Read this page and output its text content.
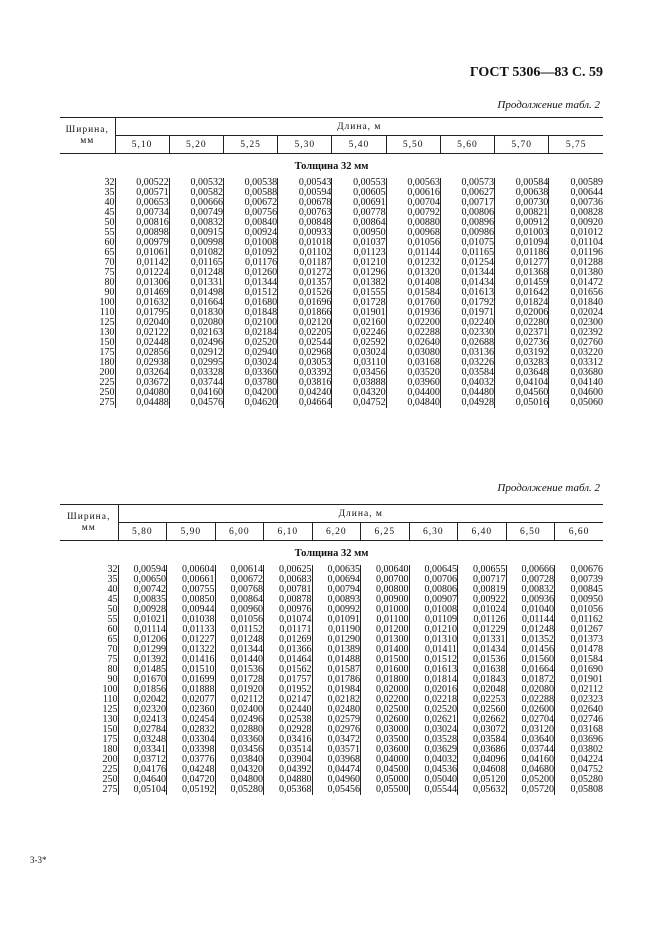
ГОСТ 5306—83 С. 59
Продолжение табл. 2
Ширина, мм	Длина, м								
	5,10	5,20	5,25	5,30	5,40	5,50	5,60	5,70	5,75
Толщина 32 мм									
32	0,00522	0,00532	0,00538	0,00543	0,00553	0,00563	0,00573	0,00584	0,00589
35	0,00571	0,00582	0,00588	0,00594	0,00605	0,00616	0,00627	0,00638	0,00644
40	0,00653	0,00666	0,00672	0,00678	0,00691	0,00704	0,00717	0,00730	0,00736
45	0,00734	0,00749	0,00756	0,00763	0,00778	0,00792	0,00806	0,00821	0,00828
50	0,00816	0,00832	0,00840	0,00848	0,00864	0,00880	0,00896	0,00912	0,00920
55	0,00898	0,00915	0,00924	0,00933	0,00950	0,00968	0,00986	0,01003	0,01012
60	0,00979	0,00998	0,01008	0,01018	0,01037	0,01056	0,01075	0,01094	0,01104
65	0,01061	0,01082	0,01092	0,01102	0,01123	0,01144	0,01165	0,01186	0,01196
70	0,01142	0,01165	0,01176	0,01187	0,01210	0,01232	0,01254	0,01277	0,01288
75	0,01224	0,01248	0,01260	0,01272	0,01296	0,01320	0,01344	0,01368	0,01380
80	0,01306	0,01331	0,01344	0,01357	0,01382	0,01408	0,01434	0,01459	0,01472
90	0,01469	0,01498	0,01512	0,01526	0,01555	0,01584	0,01613	0,01642	0,01656
100	0,01632	0,01664	0,01680	0,01696	0,01728	0,01760	0,01792	0,01824	0,01840
110	0,01795	0,01830	0,01848	0,01866	0,01901	0,01936	0,01971	0,02006	0,02024
125	0,02040	0,02080	0,02100	0,02120	0,02160	0,02200	0,02240	0,02280	0,02300
130	0,02122	0,02163	0,02184	0,02205	0,02246	0,02288	0,02330	0,02371	0,02392
150	0,02448	0,02496	0,02520	0,02544	0,02592	0,02640	0,02688	0,02736	0,02760
175	0,02856	0,02912	0,02940	0,02968	0,03024	0,03080	0,03136	0,03192	0,03220
180	0,02938	0,02995	0,03024	0,03053	0,03110	0,03168	0,03226	0,03283	0,03312
200	0,03264	0,03328	0,03360	0,03392	0,03456	0,03520	0,03584	0,03648	0,03680
225	0,03672	0,03744	0,03780	0,03816	0,03888	0,03960	0,04032	0,04104	0,04140
250	0,04080	0,04160	0,04200	0,04240	0,04320	0,04400	0,04480	0,04560	0,04600
275	0,04488	0,04576	0,04620	0,04664	0,04752	0,04840	0,04928	0,05016	0,05060
Продолжение табл. 2
Ширина, мм	Длина, м									
	5,80	5,90	6,00	6,10	6,20	6,25	6,30	6,40	6,50	6,60
Толщина 32 мм										
32	0,00594	0,00604	0,00614	0,00625	0,00635	0,00640	0,00645	0,00655	0,00666	0,00676
35	0,00650	0,00661	0,00672	0,00683	0,00694	0,00700	0,00706	0,00717	0,00728	0,00739
40	0,00742	0,00755	0,00768	0,00781	0,00794	0,00800	0,00806	0,00819	0,00832	0,00845
45	0,00835	0,00850	0,00864	0,00878	0,00893	0,00900	0,00907	0,00922	0,00936	0,00950
50	0,00928	0,00944	0,00960	0,00976	0,00992	0,01000	0,01008	0,01024	0,01040	0,01056
55	0,01021	0,01038	0,01056	0,01074	0,01091	0,01100	0,01109	0,01126	0,01144	0,01162
60	0,01114	0,01133	0,01152	0,01171	0,01190	0,01200	0,01210	0,01229	0,01248	0,01267
65	0,01206	0,01227	0,01248	0,01269	0,01290	0,01300	0,01310	0,01331	0,01352	0,01373
70	0,01299	0,01322	0,01344	0,01366	0,01389	0,01400	0,01411	0,01434	0,01456	0,01478
75	0,01392	0,01416	0,01440	0,01464	0,01488	0,01500	0,01512	0,01536	0,01560	0,01584
80	0,01485	0,01510	0,01536	0,01562	0,01587	0,01600	0,01613	0,01638	0,01664	0,01690
90	0,01670	0,01699	0,01728	0,01757	0,01786	0,01800	0,01814	0,01843	0,01872	0,01901
100	0,01856	0,01888	0,01920	0,01952	0,01984	0,02000	0,02016	0,02048	0,02080	0,02112
110	0,02042	0,02077	0,02112	0,02147	0,02182	0,02200	0,02218	0,02253	0,02288	0,02323
125	0,02320	0,02360	0,02400	0,02440	0,02480	0,02500	0,02520	0,02560	0,02600	0,02640
130	0,02413	0,02454	0,02496	0,02538	0,02579	0,02600	0,02621	0,02662	0,02704	0,02746
150	0,02784	0,02832	0,02880	0,02928	0,02976	0,03000	0,03024	0,03072	0,03120	0,03168
175	0,03248	0,03304	0,03360	0,03416	0,03472	0,03500	0,03528	0,03584	0,03640	0,03696
180	0,03341	0,03398	0,03456	0,03514	0,03571	0,03600	0,03629	0,03686	0,03744	0,03802
200	0,03712	0,03776	0,03840	0,03904	0,03968	0,04000	0,04032	0,04096	0,04160	0,04224
225	0,04176	0,04248	0,04320	0,04392	0,04474	0,04500	0,04536	0,04608	0,04680	0,04752
250	0,04640	0,04720	0,04800	0,04880	0,04960	0,05000	0,05040	0,05120	0,05200	0,05280
275	0,05104	0,05192	0,05280	0,05368	0,05456	0,05500	0,05544	0,05632	0,05720	0,05808
3-3*
